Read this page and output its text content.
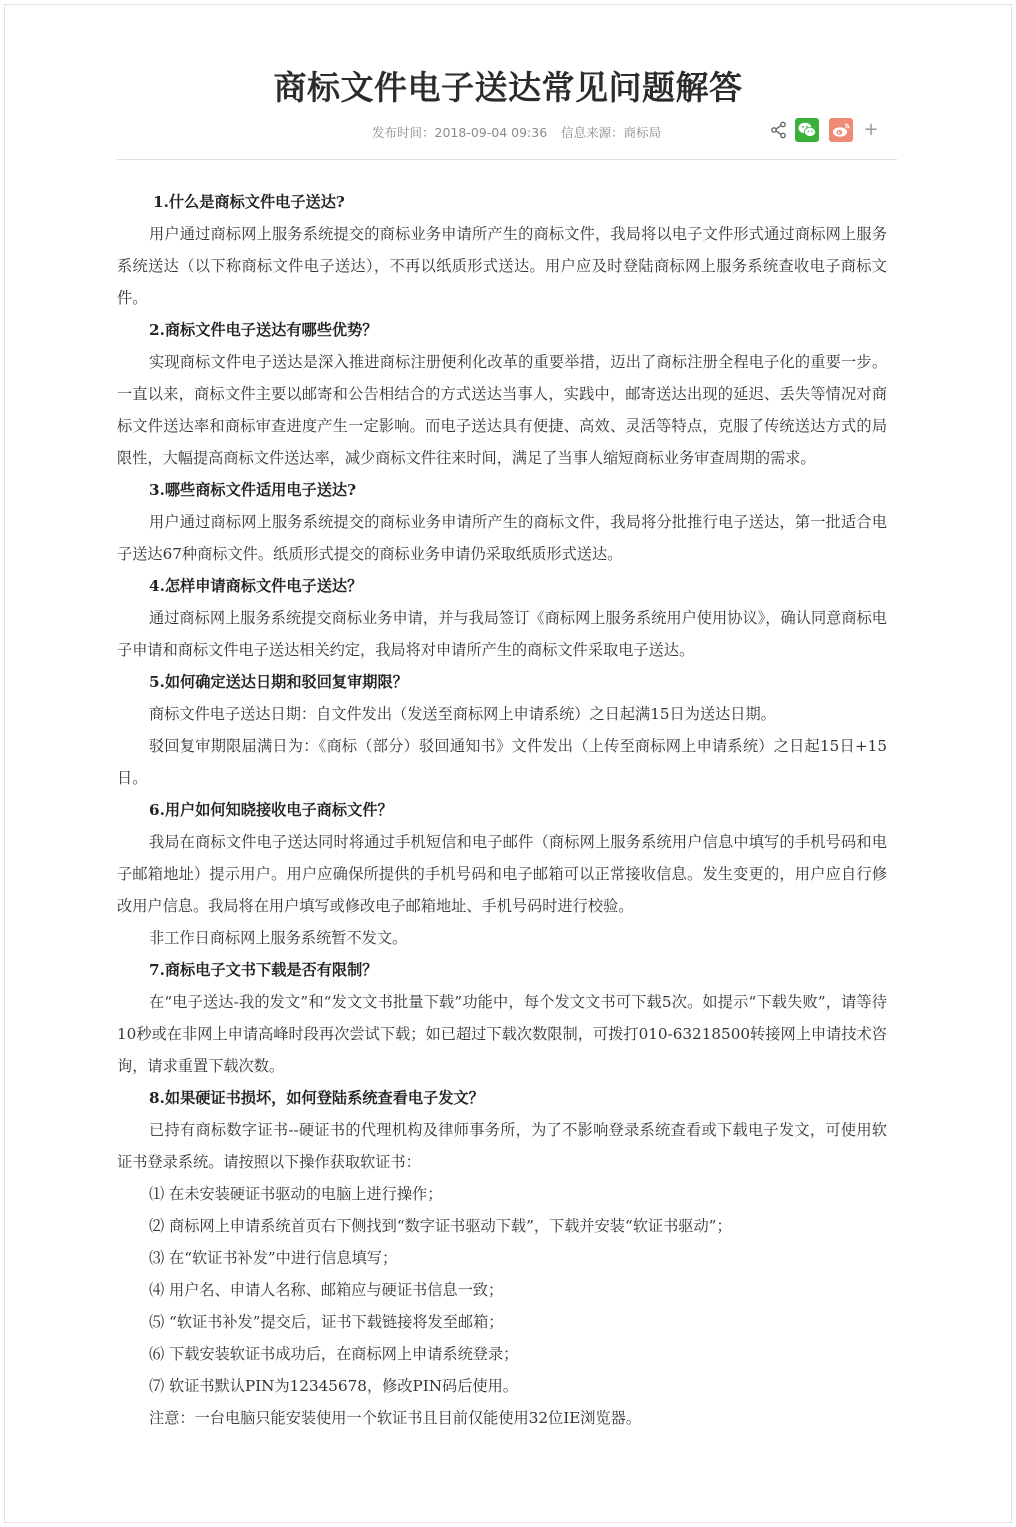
商标文件电子送达常见问题解答
发布时间：2018-09-04 09:36 信息来源：商标局	+
1.什么是商标文件电子送达?
用户通过商标网上服务系统提交的商标业务申请所产生的商标文件，我局将以电子文件形式通过商标网上服务系统送达（以下称商标文件电子送达），不再以纸质形式送达。用户应及时登陆商标网上服务系统查收电子商标文件。
2.商标文件电子送达有哪些优势？
实现商标文件电子送达是深入推进商标注册便利化改革的重要举措，迈出了商标注册全程电子化的重要一步。一直以来，商标文件主要以邮寄和公告相结合的方式送达当事人，实践中，邮寄送达出现的延迟、丢失等情况对商标文件送达率和商标审查进度产生一定影响。而电子送达具有便捷、高效、灵活等特点，克服了传统送达方式的局限性，大幅提高商标文件送达率，减少商标文件往来时间，满足了当事人缩短商标业务审查周期的需求。
3.哪些商标文件适用电子送达?
用户通过商标网上服务系统提交的商标业务申请所产生的商标文件，我局将分批推行电子送达，第一批适合电子送达67种商标文件。纸质形式提交的商标业务申请仍采取纸质形式送达。
4.怎样申请商标文件电子送达？
通过商标网上服务系统提交商标业务申请，并与我局签订《商标网上服务系统用户使用协议》，确认同意商标电子申请和商标文件电子送达相关约定，我局将对申请所产生的商标文件采取电子送达。
5.如何确定送达日期和驳回复审期限？
商标文件电子送达日期：自文件发出（发送至商标网上申请系统）之日起满15日为送达日期。
驳回复审期限届满日为：《商标（部分）驳回通知书》文件发出（上传至商标网上申请系统）之日起15日+15日。
6.用户如何知晓接收电子商标文件？
我局在商标文件电子送达同时将通过手机短信和电子邮件（商标网上服务系统用户信息中填写的手机号码和电子邮箱地址）提示用户。用户应确保所提供的手机号码和电子邮箱可以正常接收信息。发生变更的，用户应自行修改用户信息。我局将在用户填写或修改电子邮箱地址、手机号码时进行校验。
非工作日商标网上服务系统暂不发文。
7.商标电子文书下载是否有限制？
在“电子送达-我的发文”和“发文文书批量下载”功能中，每个发文文书可下载5次。如提示“下载失败”，请等待10秒或在非网上申请高峰时段再次尝试下载；如已超过下载次数限制，可拨打010-63218500转接网上申请技术咨询，请求重置下载次数。
8.如果硬证书损坏，如何登陆系统查看电子发文？
已持有商标数字证书--硬证书的代理机构及律师事务所，为了不影响登录系统查看或下载电子发文，可使用软证书登录系统。请按照以下操作获取软证书：
⑴ 在未安装硬证书驱动的电脑上进行操作；
⑵ 商标网上申请系统首页右下侧找到“数字证书驱动下载”，下载并安装“软证书驱动”；
⑶ 在“软证书补发”中进行信息填写；
⑷ 用户名、申请人名称、邮箱应与硬证书信息一致；
⑸ “软证书补发”提交后，证书下载链接将发至邮箱；
⑹ 下载安装软证书成功后，在商标网上申请系统登录；
⑺ 软证书默认PIN为12345678，修改PIN码后使用。
注意：一台电脑只能安装使用一个软证书且目前仅能使用32位IE浏览器。
